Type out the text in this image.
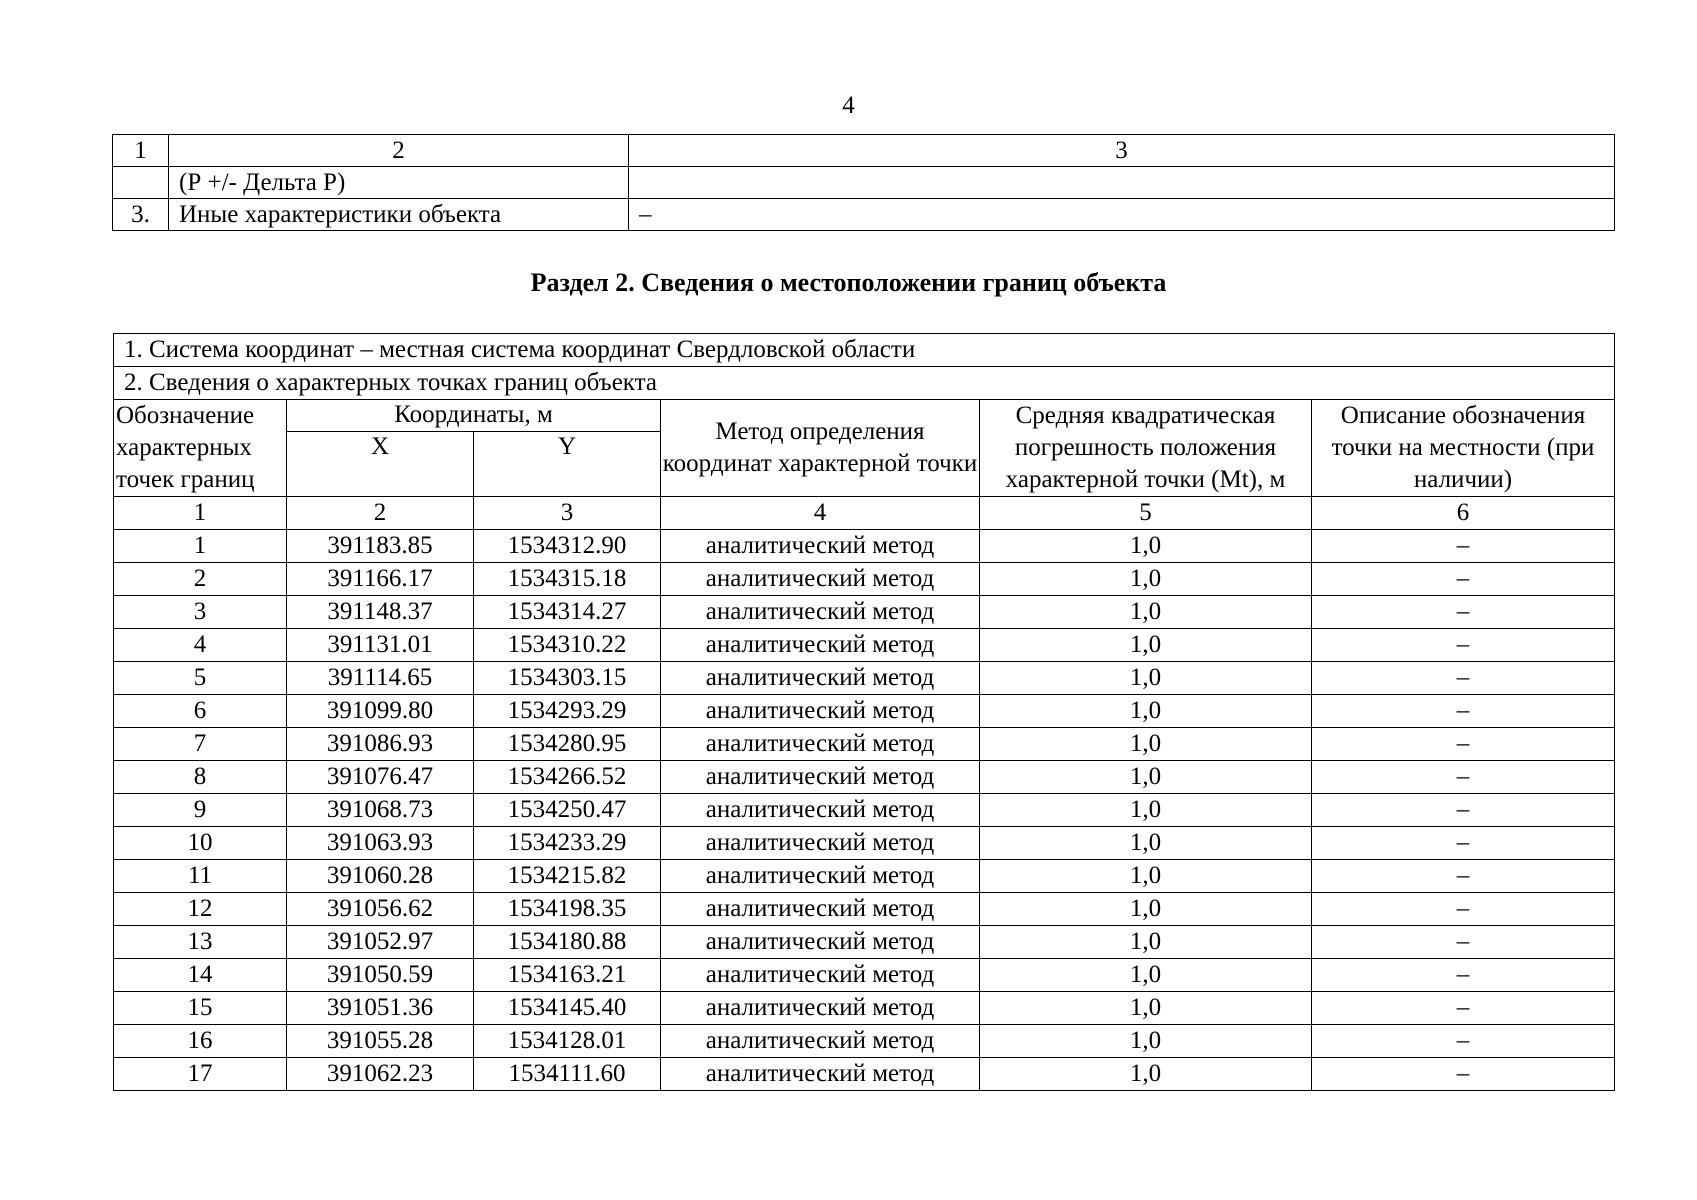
4
1	2	3
	(Р +/- Дельта Р)	
3.	Иные характеристики объекта	–
Раздел 2. Сведения о местоположении границ объекта
1. Система координат – местная система координат Свердловской области					
2. Сведения о характерных точках границ объекта					
Обозначение характерных точек границ	Координаты, м		Метод определения координат характерной точки	Средняя квадратическая погрешность положения характерной точки (Mt), м	Описание обозначения точки на местности (при наличии)
	X	Y			
1	2	3	4	5	6
1	391183.85	1534312.90	аналитический метод	1,0	–
2	391166.17	1534315.18	аналитический метод	1,0	–
3	391148.37	1534314.27	аналитический метод	1,0	–
4	391131.01	1534310.22	аналитический метод	1,0	–
5	391114.65	1534303.15	аналитический метод	1,0	–
6	391099.80	1534293.29	аналитический метод	1,0	–
7	391086.93	1534280.95	аналитический метод	1,0	–
8	391076.47	1534266.52	аналитический метод	1,0	–
9	391068.73	1534250.47	аналитический метод	1,0	–
10	391063.93	1534233.29	аналитический метод	1,0	–
11	391060.28	1534215.82	аналитический метод	1,0	–
12	391056.62	1534198.35	аналитический метод	1,0	–
13	391052.97	1534180.88	аналитический метод	1,0	–
14	391050.59	1534163.21	аналитический метод	1,0	–
15	391051.36	1534145.40	аналитический метод	1,0	–
16	391055.28	1534128.01	аналитический метод	1,0	–
17	391062.23	1534111.60	аналитический метод	1,0	–
